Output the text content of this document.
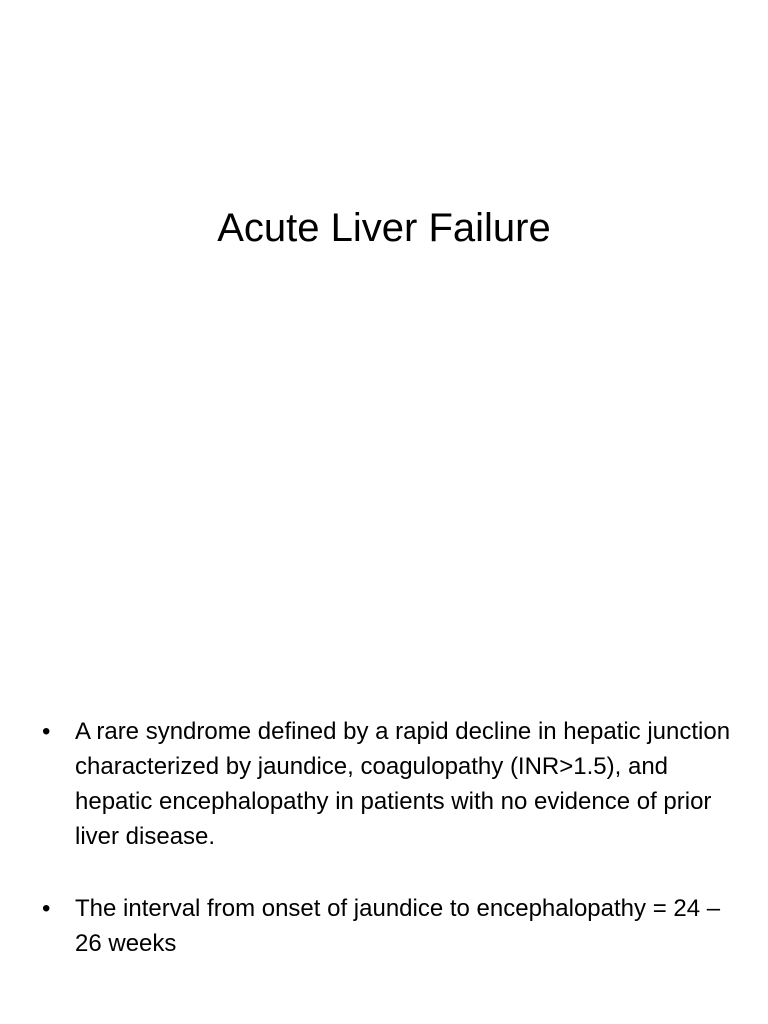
Acute Liver Failure
•	A rare syndrome defined by a rapid decline in hepatic junction characterized by jaundice, coagulopathy (INR>1.5), and hepatic encephalopathy in patients with no evidence of prior liver disease.
•	The interval from onset of jaundice to encephalopathy = 24 – 26 weeks
